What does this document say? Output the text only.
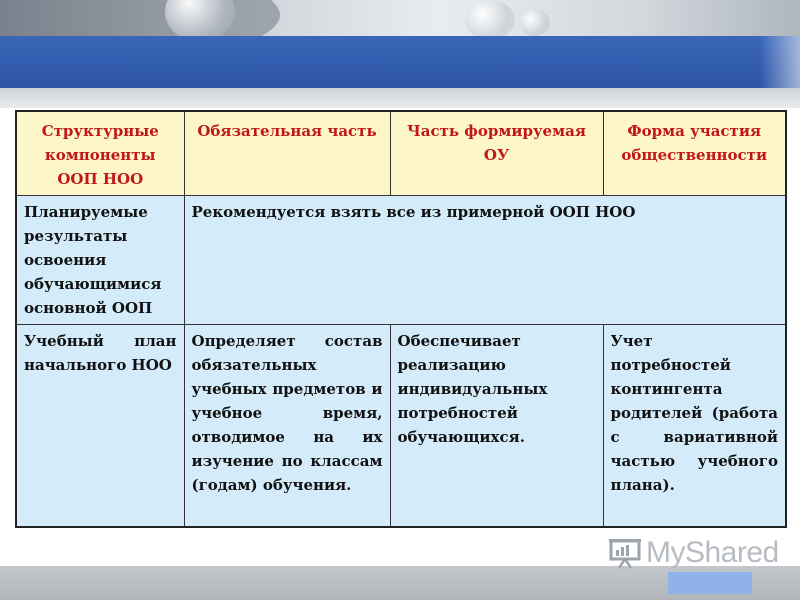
Структурные компоненты ООП НОО	Обязательная часть	Часть формируемая ОУ	Форма участия общественности
Планируемые результаты освоения обучающимися основной ООП	Рекомендуется взять все из примерной ООП НОО		
Учебный план начального НОО	Определяет состав обязательных учебных предметов и учебное время, отводимое на их изучение по классам (годам) обучения.	Обеспечивает реализацию индивидуальных потребностей обучающихся.	Учет потребностей контингента родителей (работа с вариативной частью учебного плана).
MyShared
